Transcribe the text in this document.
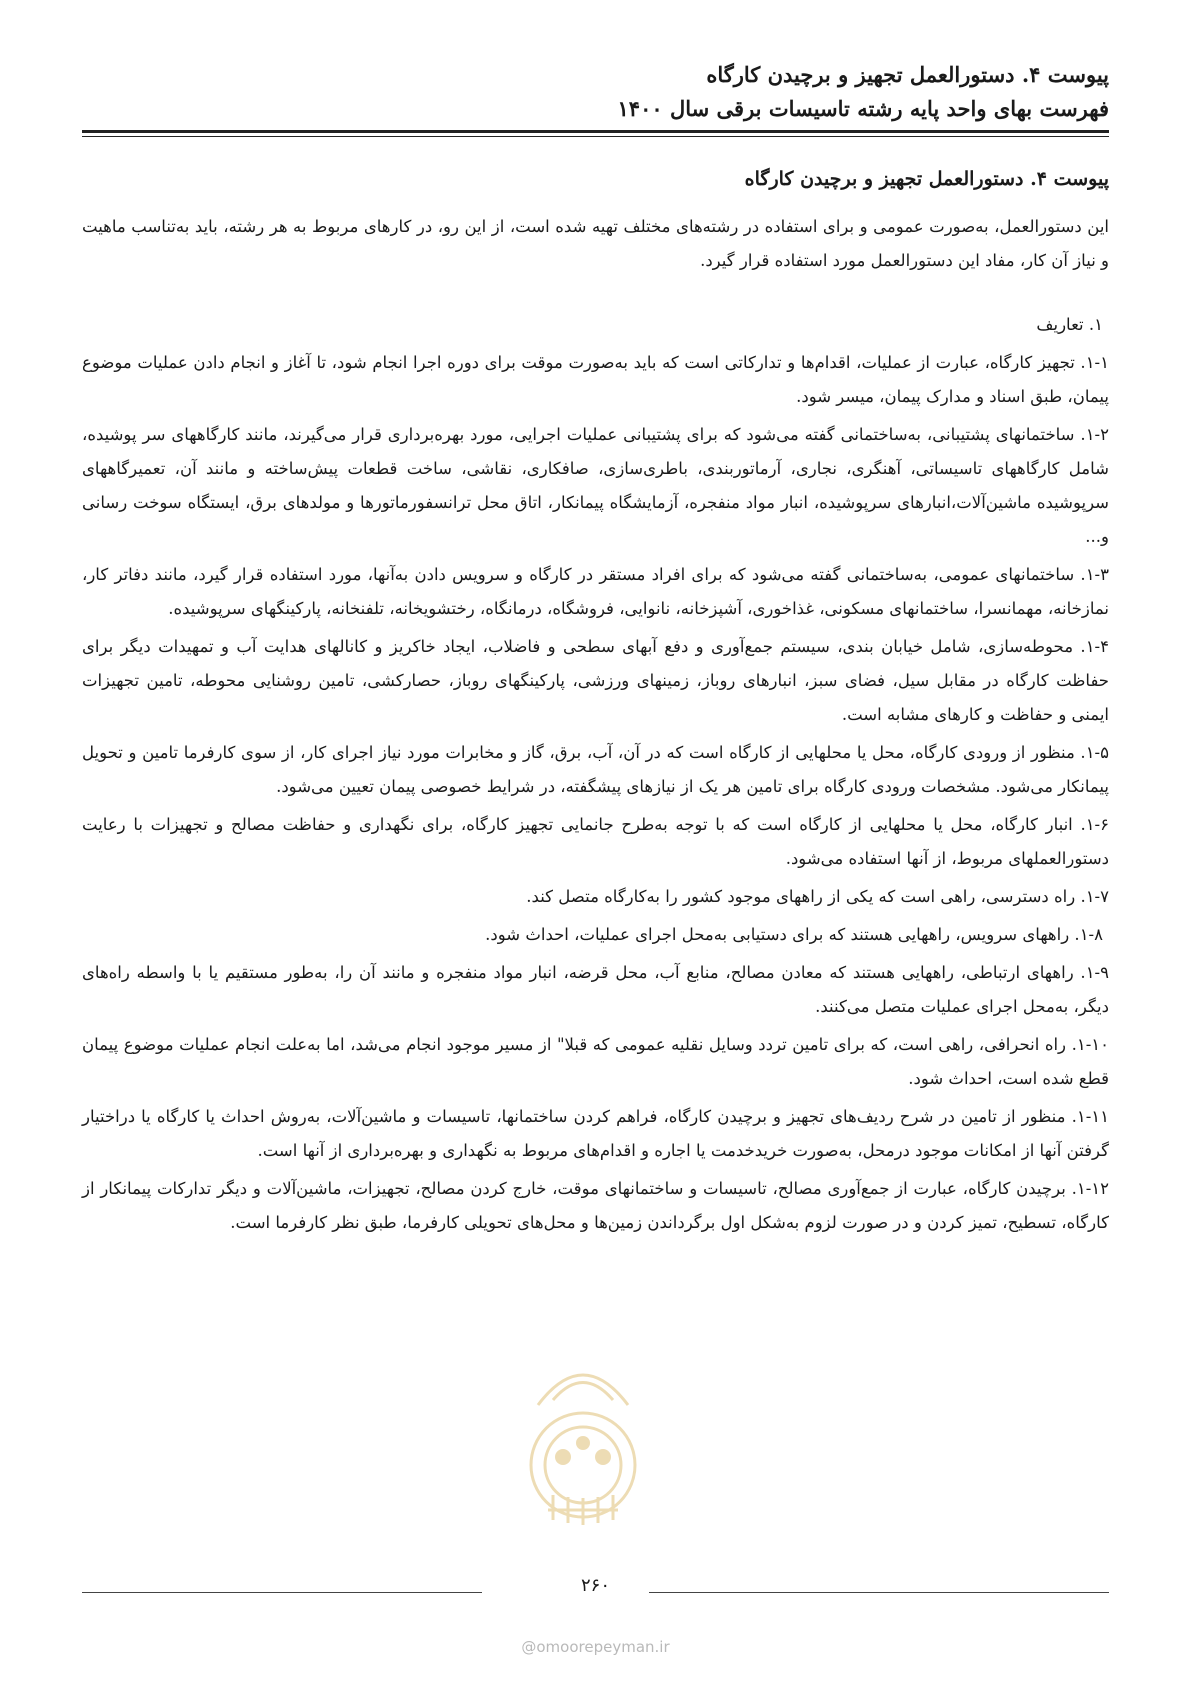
پیوست ۴. دستورالعمل تجهیز و برچیدن کارگاه
فهرست بهای واحد پایه رشته تاسیسات برقی سال ۱۴۰۰

پیوست ۴. دستورالعمل تجهیز و برچیدن کارگاه

این دستورالعمل، به‌صورت عمومی و برای استفاده در رشته‌های مختلف تهیه شده است، از این رو، در کارهای مربوط به هر رشته، باید به‌تناسب ماهیت و نیاز آن کار، مفاد این دستورالعمل مورد استفاده قرار گیرد.

۱. تعاریف

۱-۱. تجهیز کارگاه، عبارت از عملیات، اقدام‌ها و تدارکاتی است که باید به‌صورت موقت برای دوره اجرا انجام شود، تا آغاز و انجام دادن عملیات موضوع پیمان، طبق اسناد و مدارک پیمان، میسر شود.

۱-۲. ساختمانهای پشتیبانی، به‌ساختمانی گفته می‌شود که برای پشتیبانی عملیات اجرایی، مورد بهره‌برداری قرار می‌گیرند، مانند کارگاههای سر پوشیده، شامل کارگاههای تاسیساتی، آهنگری، نجاری، آرماتوربندی، باطری‌سازی، صافکاری، نقاشی، ساخت قطعات پیش‌ساخته و مانند آن، تعمیرگاههای سرپوشیده ماشین‌آلات،انبارهای سرپوشیده، انبار مواد منفجره، آزمایشگاه پیمانکار، اتاق محل ترانسفورماتورها و مولدهای برق، ایستگاه سوخت رسانی و...

۱-۳. ساختمانهای عمومی، به‌ساختمانی گفته می‌شود که برای افراد مستقر در کارگاه و سرویس دادن به‌آنها، مورد استفاده قرار گیرد، مانند دفاتر کار، نمازخانه، مهمانسرا، ساختمانهای مسکونی، غذاخوری، آشپزخانه، نانوایی، فروشگاه، درمانگاه، رختشویخانه، تلفنخانه، پارکینگهای سرپوشیده.

۱-۴. محوطه‌سازی، شامل خیابان بندی، سیستم جمع‌آوری و دفع آبهای سطحی و فاضلاب، ایجاد خاکریز و کانالهای هدایت آب و تمهیدات دیگر برای حفاظت کارگاه در مقابل سیل، فضای سبز، انبارهای روباز، زمینهای ورزشی، پارکینگهای روباز، حصارکشی، تامین روشنایی محوطه، تامین تجهیزات ایمنی و حفاظت و کارهای مشابه است.

۱-۵. منظور از ورودی کارگاه، محل یا محلهایی از کارگاه است که در آن، آب، برق، گاز و مخابرات مورد نیاز اجرای کار، از سوی کارفرما تامین و تحویل پیمانکار می‌شود. مشخصات ورودی کارگاه برای تامین هر یک از نیازهای پیشگفته، در شرایط خصوصی پیمان تعیین می‌شود.

۱-۶. انبار کارگاه، محل یا محلهایی از کارگاه است که با توجه به‌طرح جانمایی تجهیز کارگاه، برای نگهداری و حفاظت مصالح و تجهیزات با رعایت دستورالعملهای مربوط، از آنها استفاده می‌شود.

۱-۷. راه دسترسی، راهی است که یکی از راههای موجود کشور را به‌کارگاه متصل کند.

۱-۸. راههای سرویس، راههایی هستند که برای دستیابی به‌محل اجرای عملیات، احداث شود.

۱-۹. راههای ارتباطی، راههایی هستند که معادن مصالح، منابع آب، محل قرضه، انبار مواد منفجره و مانند آن را، به‌طور مستقیم یا با واسطه راه‌های دیگر، به‌محل اجرای عملیات متصل می‌کنند.

۱-۱۰. راه انحرافی، راهی است، که برای تامین تردد وسایل نقلیه عمومی که قبلا" از مسیر موجود انجام می‌شد، اما به‌علت انجام عملیات موضوع پیمان قطع شده است، احداث شود.

۱-۱۱. منظور از تامین در شرح ردیف‌های تجهیز و برچیدن کارگاه، فراهم کردن ساختمانها، تاسیسات و ماشین‌آلات، به‌روش احداث یا کارگاه یا دراختیار گرفتن آنها از امکانات موجود درمحل، به‌صورت خریدخدمت یا اجاره و اقدام‌های مربوط به نگهداری و بهره‌برداری از آنها است.

۱-۱۲. برچیدن کارگاه، عبارت از جمع‌آوری مصالح، تاسیسات و ساختمانهای موقت، خارج کردن مصالح، تجهیزات، ماشین‌آلات و دیگر تدارکات پیمانکار از کارگاه، تسطیح، تمیز کردن و در صورت لزوم به‌شکل اول برگرداندن زمین‌ها و محل‌های تحویلی کارفرما، طبق نظر کارفرما است.

۲۶۰
@omoorepeyman.ir
